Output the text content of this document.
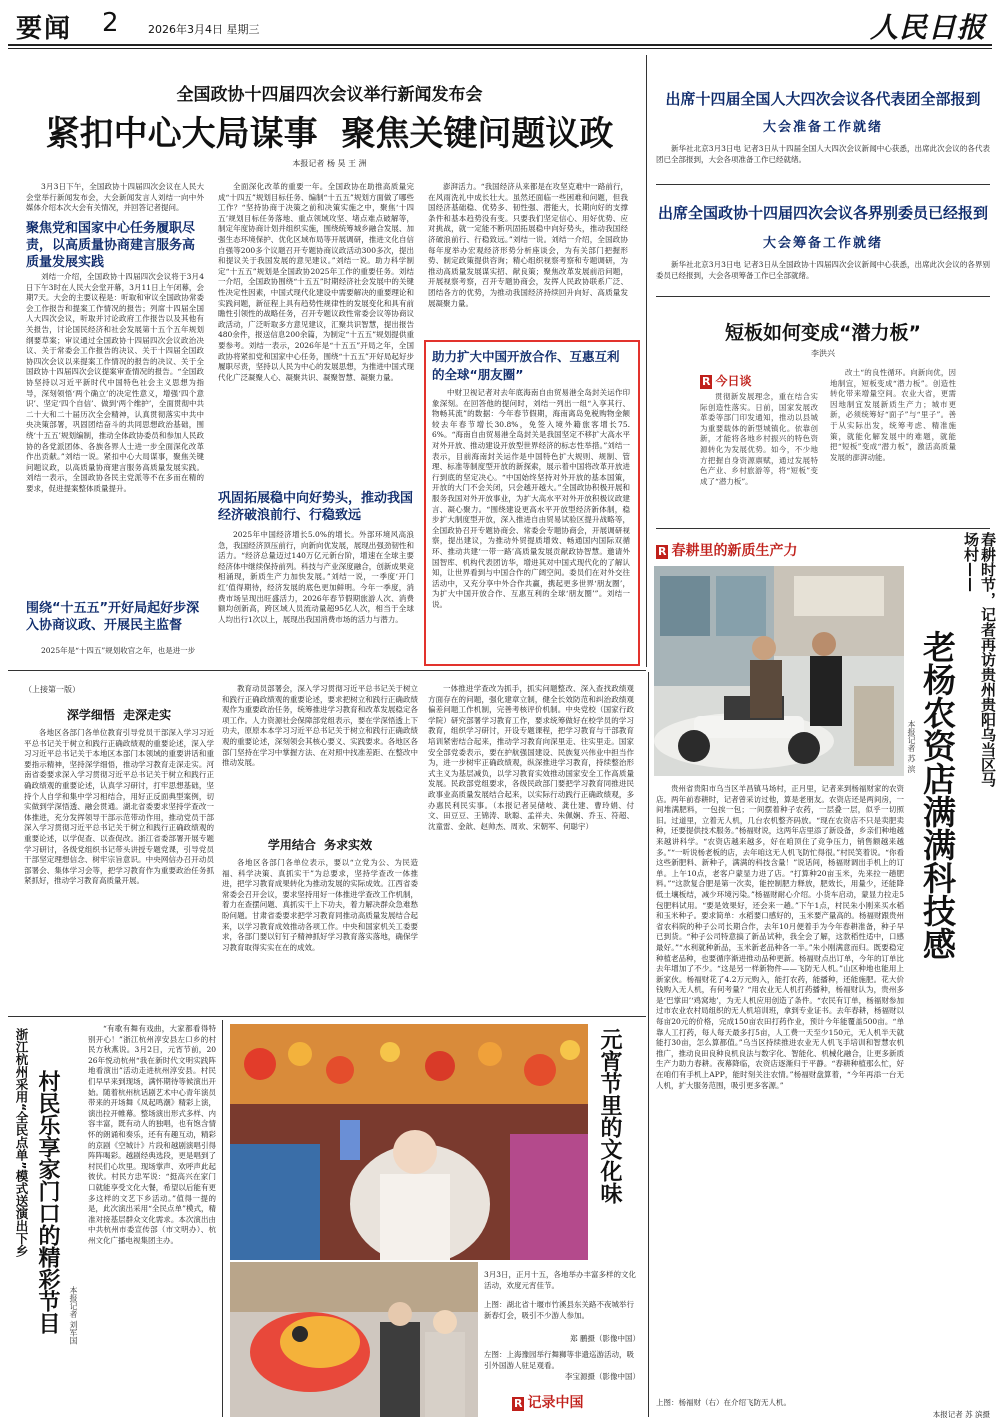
要闻 2	2026年3月4日 星期三	人民日报
全国政协十四届四次会议举行新闻发布会
紧扣中心大局谋事  聚焦关键问题议政
本报记者 杨 昊 王 洲

3月3日下午，全国政协十四届四次会议在人民大会堂举行新闻发布会，大会新闻发言人刘结一向中外媒体介绍本次大会有关情况，并回答记者提问。

聚焦党和国家中心任务履职尽责，以高质量协商建言服务高质量发展实践

刘结一介绍，全国政协十四届四次会议将于3月4日下午3时在人民大会堂开幕，3月11日上午闭幕，会期7天。大会的主要议程是：听取和审议全国政协常委会工作报告和提案工作情况的报告；列席十四届全国人大四次会议，听取并讨论政府工作报告以及其他有关报告，讨论国民经济和社会发展第十五个五年规划纲要草案；审议通过全国政协十四届四次会议政治决议、关于常委会工作报告的决议、关于十四届全国政协四次会议以来提案工作情况的报告的决议、关于全国政协十四届四次会议提案审查情况的报告。“全国政协坚持以习近平新时代中国特色社会主义思想为指导，深刻领悟‘两个确立’的决定性意义，增强‘四个意识’、坚定‘四个自信’、做到‘两个维护’，全面贯彻中共二十大和二十届历次全会精神，认真贯彻落实中共中央决策部署，巩固团结奋斗的共同思想政治基础，围绕‘十五五’规划编制，推动全体政协委员和参加人民政协的各党派团体、各族各界人士进一步全面深化改革作出贡献。”刘结一说。紧扣中心大局谋事，聚焦关键问题议政，以高质量协商建言服务高质量发展实践。刘结一表示，全国政协各民主党派等不在多而在精的要求，促进提案整体质量提升。

围绕“十五五”开好局起好步深入协商议政、开展民主监督

2025年是“十四五”规划收官之年，也是进一步

全面深化改革的重要一年。全国政协在助推高质量完成“十四五”规划目标任务、编制“十五五”规划方面做了哪些工作？“坚持协商于决策之前和决策实施之中，聚焦‘十四五’规划目标任务落地、重点领域攻坚、堵点难点破解等，制定年度协商计划并组织实施，围绕统筹城乡融合发展、加强生态环境保护、优化区域布局等开展调研，推进文化自信自强等200多个议题召开专题协商议政活动300多次，提出和提议关于我国发展的意见建议。”刘结一说。助力科学制定“十五五”规划是全国政协2025年工作的重要任务。刘结一介绍，全国政协围绕“十五五”时期经济社会发展中的关键性决定性因素，中国式现代化建设中需要解决的重要理论和实践问题，新征程上具有趋势性规律性的发展变化和具有前瞻性引领性的战略任务，召开专题议政性常委会议等协商议政活动，广泛听取多方意见建议，汇聚共识智慧，提出报告480余件，报送信息200余篇，为制定“十五五”规划提供重要参考。刘结一表示，2026年是“十五五”开局之年，全国政协将紧扣党和国家中心任务，围绕“十五五”开好局起好步履职尽责，坚持以人民为中心的发展思想，为推进中国式现代化广泛凝聚人心、凝聚共识、凝聚智慧、凝聚力量。

巩固拓展稳中向好势头，推动我国经济破浪前行、行稳致远

2025年中国经济增长5.0%的增长。外部环境风高浪急，我国经济顶压前行，向新向优发展，展现出强劲韧性和活力。“经济总量迈过140万亿元新台阶，增速在全球主要经济体中继续保持前列。科技与产业深度融合，创新成果竞相涌现，新质生产力加快发展。”刘结一说，一季度‘开门红’值得期待，经济发展的底色更加鲜明。今年一季度，消费市场呈现出旺盛活力，2026年春节假期旅游人次、消费额均创新高，跨区域人员流动量超95亿人次，相当于全球人均出行1次以上，展现出我国消费市场的活力与潜力。

澎湃活力。“我国经济从来都是在攻坚克难中一路前行，在风雨洗礼中成长壮大。虽然还面临一些困难和问题，但我国经济基础稳、优势多、韧性强、潜能大，长期向好的支撑条件和基本趋势没有变。只要我们坚定信心、用好优势、应对挑战，就一定能不断巩固拓展稳中向好势头，推动我国经济破浪前行、行稳致远。”刘结一说。刘结一介绍，全国政协每年度举办宏观经济形势分析座谈会，为有关部门把握形势、制定政策提供咨询；精心组织视察考察和专题调研，为推动高质量发展谋实招、献良策；聚焦改革发展前沿问题，开展视察考察，召开专题协商会，发挥人民政协联系广泛、团结各方的优势，为推动我国经济持续回升向好、高质量发展凝聚力量。

助力扩大中国开放合作、互惠互利的全球“朋友圈”

中财卫视记者对去年底海南自由贸易港全岛封关运作印象深刻。在回答他的提问时，刘结一列出一组“入享其行、物畅其流”的数据：今年春节假期，海南离岛免税购物金额较去年春节增长30.8%，免签入境外籍旅客增长75.6%。“海南自由贸易港全岛封关是我国坚定不移扩大高水平对外开放、推动建设开放型世界经济的标志性举措。”刘结一表示，目前海南封关运作是中国特色扩大规则、规制、管理、标准等制度型开放的新探索，展示着中国将改革开放进行到底的坚定决心。“中国始终坚持对外开放的基本国策，开放的大门不会关闭，只会越开越大。”全国政协积极开展和服务我国对外开放事业，为扩大高水平对外开放积极议政建言、凝心聚力。“围绕建设更高水平开放型经济新体制，稳步扩大制度型开放，深入推进自由贸易试验区提升战略等，全国政协召开专题协商会、常委会专题协商会，开展调研视察，提出建议，为推动外贸提质增效、畅通国内国际双循环、推动共建‘一带一路’高质量发展贡献政协智慧。邀请外国智库、机构代表团访华，增进其对中国式现代化的了解认知，让世界看到与中国合作的广阔空间。委员们在对外交往活动中，又充分享中外合作共赢，携起更多世界‘朋友圈’，为扩大中国开放合作、互惠互利的全球‘朋友圈’”。刘结一说。

出席十四届全国人大四次会议各代表团全部报到
大会准备工作就绪

新华社北京3月3日电 记者3日从十四届全国人大四次会议新闻中心获悉，出席此次会议的各代表团已全部报到，大会各项准备工作已经就绪。

出席全国政协十四届四次会议各界别委员已经报到
大会筹备工作就绪

新华社北京3月3日电 记者3日从全国政协十四届四次会议新闻中心获悉，出席此次会议的各界别委员已经报到，大会各项筹备工作已全部就绪。

短板如何变成“潜力板”
李洪兴
R 今日谈

贯彻新发展理念，重在结合实际创造性落实。日前，国家发展改革委等部门印发通知，推动以县城为重要载体的新型城镇化。依靠创新，才能将各地乡村振兴的特色资源转化为发展优势。如今，不少地方把握自身资源禀赋，通过发展特色产业、乡村旅游等，将“短板”变成了“潜力板”。

改土“的良性循环。向新向优，因地制宜，短板变成“潜力板”。创造性转化带来增量空间。农业大省，更需因地制宜发展新质生产力；城市更新，必须统筹好“面子”与“里子”。善于从实际出发，统筹考虑、精准施策，就能化解发展中的难题，就能把“短板”变成“潜力板”，激活高质量发展的澎湃动能。

R 春耕里的新质生产力	春耕时节，记者再访贵州贵阳乌当区马场村——
老杨农资店满满科技感
本报记者 苏 滨

贵州省贵阳市乌当区羊昌镇马场村，正月里，记者来到杨福财家的农资店。两年前春耕时，记者曾采访过他，算是老朋友。农资店还是两间房，一间堆满肥料，一包挨一包；一间摆着种子农药，一层叠一层，似乎一切照旧。过道里，立着无人机，几台农机整齐码放。“现在农资店不只是卖肥卖种，还要提供技术服务。”杨福财说，这两年店里添了新设备，乡亲们种地越来越讲科学。“农资店越来越多，好在咱顶住了竞争压力，销售额越来越多。”“一听说杨老板的店，去年咱这无人机飞防忙得很。”村民笑着说。“你看这些新肥料、新种子，满满的科技含量！”说话间，杨福财调出手机上的订单。上午10点，老客户蒙显力进了店。“打算种20亩玉米，先来拉一趟肥料。”“这款复合肥是第一次卖，能控制肥力释放，肥效长，用量少，还能降低土壤板结，减少环境污染。”杨福财耐心介绍。小货车启动，蒙显力拉走5包肥料试用。“要是效果好，还会来一趟。”下午1点，村民朱小刚来买水稻和玉米种子。要求简单：水稻要口感好的，玉米要产量高的。杨福财跟贵州省农科院的种子公司长期合作，去年10月便着手为今年春耕准备，种子早已到货。“种子公司特意搞了新品试种，我全会了解，这款稻性适中，口感最好。”“水利就种新品，玉米新老品种各一半。”朱小刚满意而归。既要稳定种植老品种，也要循序渐进推动品种更新。杨福财点出订单，今年的订单比去年增加了不少。“这是另一样新物件——飞防无人机。”山区种地也能用上新家伙。杨福财花了4.2万元购入，能打农药，能播种，还能施肥。花大价钱购入无人机，有何考量？“用农业无人机打药播种，杨福财认为，贵州多是‘巴掌田’‘鸡窝地’，为无人机应用创造了条件。“农民有订单，杨福财参加过市农业农村局组织的无人机培训班，拿到专业证书。去年春耕，杨福财以每亩20元的价格，完成150亩农田打药作业，预计今年能覆盖500亩。“单靠人工打药，每人每天最多打5亩，人工费一天至少150元，无人机半天就能打30亩，怎么算都值。”乌当区持续推进农业无人机飞手培训和智慧农机推广，推动良田良种良机良法与数字化、智能化、机械化融合，让更多新质生产力助力春耕。夜幕降临，农资店逐渐归于平静。“春耕种植那么忙，好在咱们有手机上APP，能时刻关注农情。”杨福财盘算着，“今年再添一台无人机，扩大服务范围，吸引更多客源。”

上图：杨福财（右）在介绍飞防无人机。
本报记者 苏 滨摄
（上接第一版）
深学细悟  走深走实

各地区各部门各单位教育引导党员干部深入学习习近平总书记关于树立和践行正确政绩观的重要论述，深入学习习近平总书记关于本地区本部门本领域的重要讲话和重要指示精神，坚持深学细悟，推动学习教育走深走实。河南省委要求深入学习贯彻习近平总书记关于树立和践行正确政绩观的重要论述，认真学习研讨，打牢思想基础，坚持个人自学和集中学习相结合，用好正反面典型案例，切实做到学深悟透、融会贯通。湖北省委要求坚持学查改一体推进，充分发挥领导干部示范带动作用，推动党员干部深入学习贯彻习近平总书记关于树立和践行正确政绩观的重要论述，以学促查、以查促改。浙江省委部署开展专题学习研讨，各级党组织书记带头讲授专题党课，引导党员干部坚定理想信念、树牢宗旨意识。中央网信办召开动员部署会、集体学习会等，把学习教育作为重要政治任务抓紧抓好，推动学习教育高质量开展。

教育动员部署会，深入学习贯彻习近平总书记关于树立和践行正确政绩观的重要论述，要求把树立和践行正确政绩观作为重要政治任务，统筹推进学习教育和改革发展稳定各项工作。人力资源社会保障部党组表示，要在学深悟透上下功夫，原原本本学习习近平总书记关于树立和践行正确政绩观的重要论述，深刻领会其核心要义、实践要求。各地区各部门坚持在学习中掌握方法、在对照中找准差距、在整改中推动发展。

学用结合  务求实效

各地区各部门各单位表示，要以“立党为公、为民造福、科学决策、真抓实干”为总要求，坚持学查改一体推进，把学习教育成果转化为推动发展的实际成效。江西省委常委会召开会议，要求坚持用好一体推进学查改工作机制，着力在查摆问题、真抓实干上下功夫，着力解决群众急难愁盼问题。甘肃省委要求把学习教育同推动高质量发展结合起来，以学习教育成效推动各项工作。中央和国家机关工委要求，各部门要以钉钉子精神抓好学习教育落实落地，确保学习教育取得实实在在的成效。

一体推进学查改为抓手，抓实问题整改、深入查找政绩观方面存在的问题，强化建章立制，健全长效防范和纠治政绩观偏差问题工作机制，完善考核评价机制。中央党校（国家行政学院）研究部署学习教育工作，要求统筹做好在校学员的学习教育，组织学习研讨，开设专题课程，把学习教育与干部教育培训紧密结合起来，推动学习教育向深里走、往实里走。国家安全部党委表示，要在护航强国建设、民族复兴伟业中担当作为，进一步树牢正确政绩观，纵深推进学习教育，持续整治形式主义为基层减负，以学习教育实效推动国家安全工作高质量发展。民政部党组要求，各级民政部门要把学习教育同推进民政事业高质量发展结合起来，以实际行动践行正确政绩观，多办惠民利民实事。（本报记者吴储岐、龚仕建、曹玲娟、付文、田豆豆、王锦涛、耿聪、孟祥夫、朱佩娴、乔玉、符超、沈童雷、金歆、赵帅杰、周欢、宋朝军、何聪宇）

浙江杭州采用“全民点单”模式送演出下乡 村民乐享家门口的精彩节目 本报记者 刘军国

“有歌有舞有戏曲，大家都看得特别开心！”浙江杭州淳安县左口乡的村民方秋燕说。3月2日，元宵节前，2026年悦动杭州“我在新时代文明实践阵地看演出”活动走进杭州淳安县。村民们早早来到现场，满怀期待等候演出开始。随着杭州杭话剧艺术中心青年演员带来的开场舞《凤起鸣潮》精彩上演，演出拉开帷幕。整场演出形式多样、内容丰富，既有动人的独唱，也有饱含情怀的朗诵和奏乐，还有有趣互动，精彩的京剧《空城计》片段和越剧演唱引得阵阵喝彩。越剧经典选段，更是唱到了村民们心坎里。现场掌声、欢呼声此起彼伏。村民方忠军说：“挺高兴在家门口就能享受文化大餐，希望以后能有更多这样的文艺下乡活动。”值得一提的是，此次演出采用“全民点单”模式，精准对接基层群众文化需求。本次演出由中共杭州市委宣传部（市文明办）、杭州文化广播电视集团主办。

元宵节里的文化味
3月3日，正月十五，各地举办丰富多样的文化活动，欢度元宵佳节。
上图：湖北省十堰市竹溪县东关路不夜城举行新春灯会，吸引不少游人参加。
郑 鹏摄（影像中国）
左图：上海豫园举行舞狮等非遗巡游活动，吸引外国游人驻足观看。
李宝源摄（影像中国）
R 记录中国
